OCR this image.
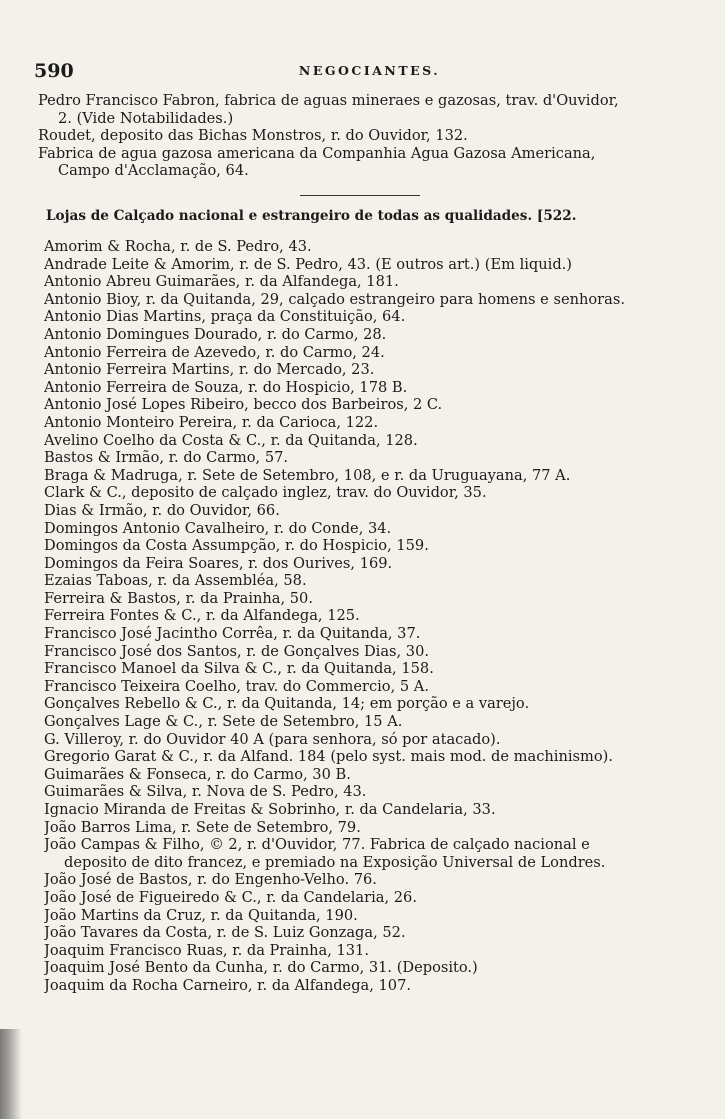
590	NEGOCIANTES.
Pedro Francisco Fabron, fabrica de aguas mineraes e gazosas, trav. d'Ouvidor,
2. (Vide Notabilidades.)
Roudet, deposito das Bichas Monstros, r. do Ouvidor, 132.
Fabrica de agua gazosa americana da Companhia Agua Gazosa Americana,
Campo d'Acclamação, 64.
Lojas de Calçado nacional e estrangeiro de todas as qualidades. [522.
Amorim & Rocha, r. de S. Pedro, 43.
Andrade Leite & Amorim, r. de S. Pedro, 43. (E outros art.) (Em liquid.)
Antonio Abreu Guimarães, r. da Alfandega, 181.
Antonio Bioy, r. da Quitanda, 29, calçado estrangeiro para homens e senhoras.
Antonio Dias Martins, praça da Constituição, 64.
Antonio Domingues Dourado, r. do Carmo, 28.
Antonio Ferreira de Azevedo, r. do Carmo, 24.
Antonio Ferreira Martins, r. do Mercado, 23.
Antonio Ferreira de Souza, r. do Hospicio, 178 B.
Antonio José Lopes Ribeiro, becco dos Barbeiros, 2 C.
Antonio Monteiro Pereira, r. da Carioca, 122.
Avelino Coelho da Costa & C., r. da Quitanda, 128.
Bastos & Irmão, r. do Carmo, 57.
Braga & Madruga, r. Sete de Setembro, 108, e r. da Uruguayana, 77 A.
Clark & C., deposito de calçado inglez, trav. do Ouvidor, 35.
Dias & Irmão, r. do Ouvidor, 66.
Domingos Antonio Cavalheiro, r. do Conde, 34.
Domingos da Costa Assumpção, r. do Hospicio, 159.
Domingos da Feira Soares, r. dos Ourives, 169.
Ezaias Taboas, r. da Assembléa, 58.
Ferreira & Bastos, r. da Prainha, 50.
Ferreira Fontes & C., r. da Alfandega, 125.
Francisco José Jacintho Corrêa, r. da Quitanda, 37.
Francisco José dos Santos, r. de Gonçalves Dias, 30.
Francisco Manoel da Silva & C., r. da Quitanda, 158.
Francisco Teixeira Coelho, trav. do Commercio, 5 A.
Gonçalves Rebello & C., r. da Quitanda, 14; em porção e a varejo.
Gonçalves Lage & C., r. Sete de Setembro, 15 A.
G. Villeroy, r. do Ouvidor 40 A (para senhora, só por atacado).
Gregorio Garat & C., r. da Alfand. 184 (pelo syst. mais mod. de machinismo).
Guimarães & Fonseca, r. do Carmo, 30 B.
Guimarães & Silva, r. Nova de S. Pedro, 43.
Ignacio Miranda de Freitas & Sobrinho, r. da Candelaria, 33.
João Barros Lima, r. Sete de Setembro, 79.
João Campas & Filho, © 2, r. d'Ouvidor, 77. Fabrica de calçado nacional e
deposito de dito francez, e premiado na Exposição Universal de Londres.
João José de Bastos, r. do Engenho-Velho. 76.
João José de Figueiredo & C., r. da Candelaria, 26.
João Martins da Cruz, r. da Quitanda, 190.
João Tavares da Costa, r. de S. Luiz Gonzaga, 52.
Joaquim Francisco Ruas, r. da Prainha, 131.
Joaquim José Bento da Cunha, r. do Carmo, 31. (Deposito.)
Joaquim da Rocha Carneiro, r. da Alfandega, 107.
